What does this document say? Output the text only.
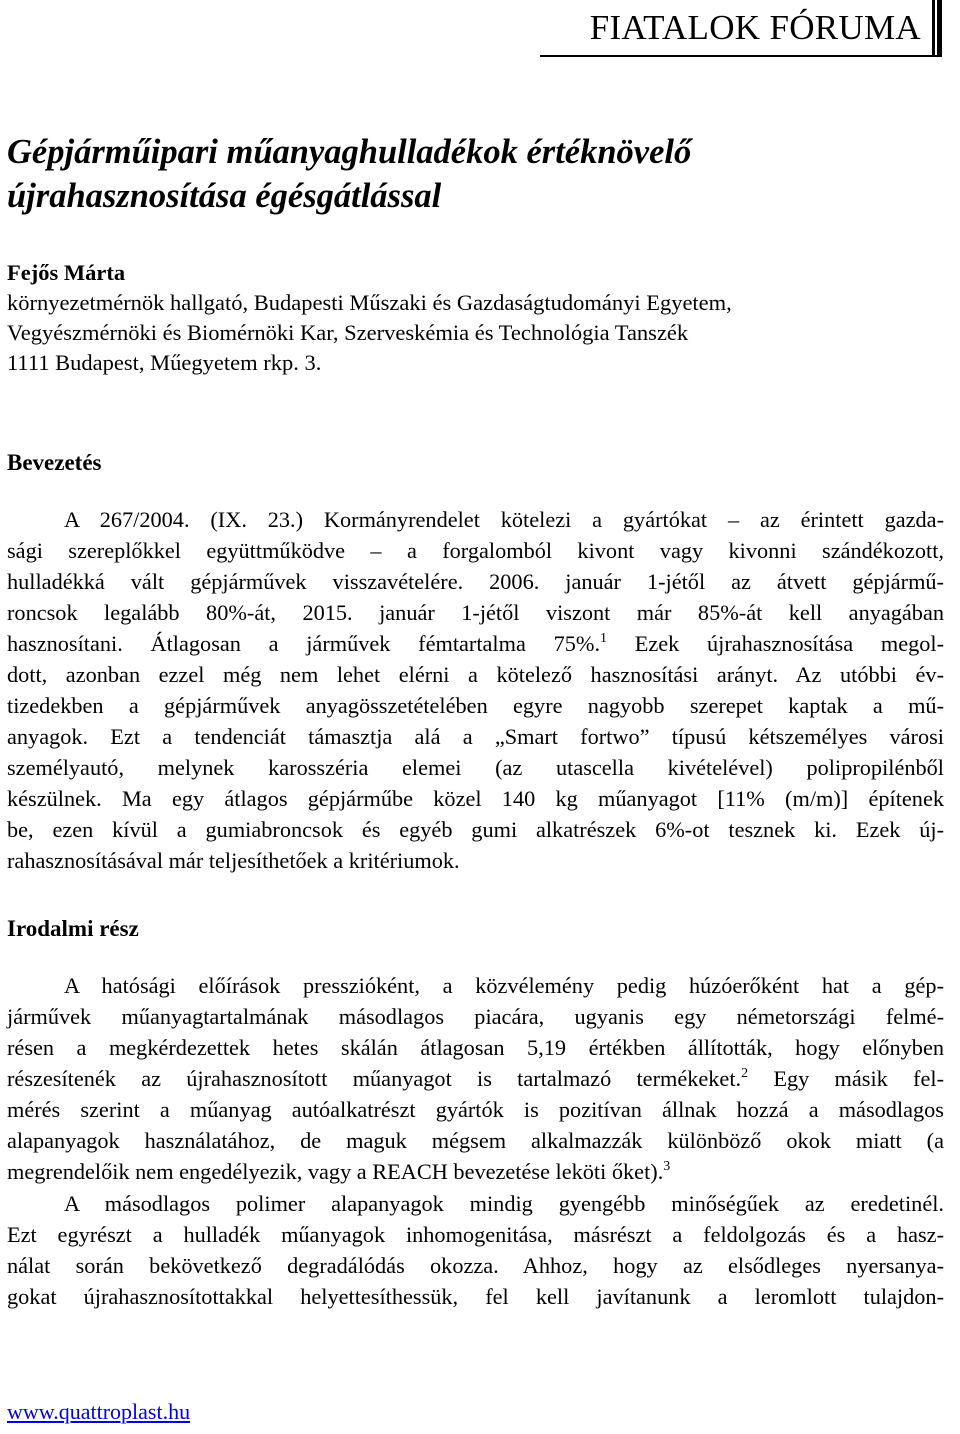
FIATALOK FÓRUMA
Gépjárműipari műanyaghulladékok értéknövelő
újrahasznosítása égésgátlással
Fejős Márta
környezetmérnök hallgató, Budapesti Műszaki és Gazdaságtudományi Egyetem,
Vegyészmérnöki és Biomérnöki Kar, Szerveskémia és Technológia Tanszék
1111 Budapest, Műegyetem rkp. 3.
Bevezetés
A 267/2004. (IX. 23.) Kormányrendelet kötelezi a gyártókat – az érintett gazda-
sági szereplőkkel együttműködve – a forgalomból kivont vagy kivonni szándékozott,
hulladékká vált gépjárművek visszavételére. 2006. január 1-jétől az átvett gépjármű-
roncsok legalább 80%-át, 2015. január 1-jétől viszont már 85%-át kell anyagában
hasznosítani. Átlagosan a járművek fémtartalma 75%.$^1$ Ezek újrahasznosítása megol-
dott, azonban ezzel még nem lehet elérni a kötelező hasznosítási arányt. Az utóbbi év-
tizedekben a gépjárművek anyagösszetételében egyre nagyobb szerepet kaptak a mű-
anyagok. Ezt a tendenciát támasztja alá a „Smart fortwo” típusú kétszemélyes városi
személyautó, melynek karosszéria elemei (az utascella kivételével) polipropilénből
készülnek. Ma egy átlagos gépjárműbe közel 140 kg műanyagot [11% (m/m)] építenek
be, ezen kívül a gumiabroncsok és egyéb gumi alkatrészek 6%-ot tesznek ki. Ezek új-
rahasznosításával már teljesíthetőek a kritériumok.
Irodalmi rész
A hatósági előírások presszióként, a közvélemény pedig húzóerőként hat a gép-
járművek műanyagtartalmának másodlagos piacára, ugyanis egy németországi felmé-
résen a megkérdezettek hetes skálán átlagosan 5,19 értékben állították, hogy előnyben
részesítenék az újrahasznosított műanyagot is tartalmazó termékeket.$^2$ Egy másik fel-
mérés szerint a műanyag autóalkatrészt gyártók is pozitívan állnak hozzá a másodlagos
alapanyagok használatához, de maguk mégsem alkalmazzák különböző okok miatt (a
megrendelőik nem engedélyezik, vagy a REACH bevezetése leköti őket).$^3$
A másodlagos polimer alapanyagok mindig gyengébb minőségűek az eredetinél.
Ezt egyrészt a hulladék műanyagok inhomogenitása, másrészt a feldolgozás és a hasz-
nálat során bekövetkező degradálódás okozza. Ahhoz, hogy az elsődleges nyersanya-
gokat újrahasznosítottakkal helyettesíthessük, fel kell javítanunk a leromlott tulajdon-
www.quattroplast.hu
